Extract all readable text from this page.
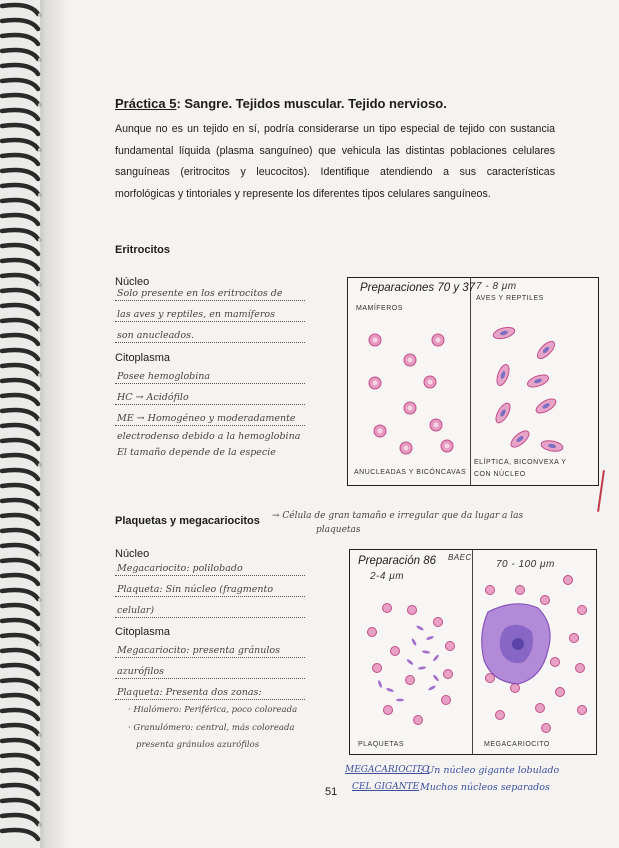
Práctica 5: Sangre. Tejidos muscular. Tejido nervioso.

Aunque no es un tejido en sí, podría considerarse un tipo especial de tejido con sustancia fundamental líquida (plasma sanguíneo) que vehicula las distintas poblaciones celulares sanguíneas (eritrocitos y leucocitos). Identifique atendiendo a sus características morfológicas y tintoriales y represente los diferentes tipos celulares sanguíneos.

Eritrocitos

Núcleo

Solo presente en los eritrocitos de
las aves y reptiles, en mamíferos
son anucleados.

Citoplasma

Posee hemoglobina
HC → Acidófilo
ME → Homogéneo y moderadamente
electrodenso debido a la hemoglobina
El tamaño depende de la especie
Preparaciones 70 y 37 7 - 8 μm
MAMÍFEROS
AVES Y REPTILES
ANUCLEADAS Y BICÓNCAVAS
ELÍPTICA, BICONVEXA Y
CON NÚCLEO
Plaquetas y megacariocitos → Célula de gran tamaño e irregular que da lugar a las
plaquetas

Núcleo

Megacariocito: polilobado
Plaqueta: Sin núcleo (fragmento
celular)

Citoplasma

Megacariocito: presenta gránulos
azurófilos
Plaqueta: Presenta dos zonas:
· Hialómero: Periférica, poco coloreada
· Granulómero: central, más coloreada
presenta gránulos azurófilos
Preparación 86 BAEC
2-4 μm
70 - 100 μm
PLAQUETAS	MEGACARIOCITO
MEGACARIOCITO
: Un núcleo gigante lobulado
CEL GIGANTE Muchos núcleos separados
51
